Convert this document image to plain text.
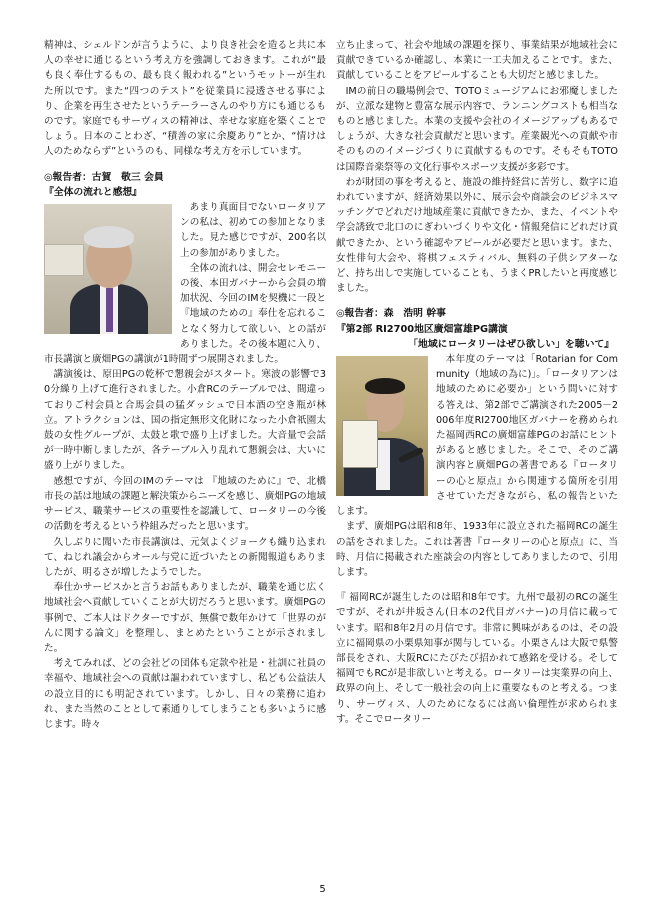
精神は、シェルドンが言うように、より良き社会を造ると共に本人の幸せに通じるという考え方を強調しておきます。これが“最も良く奉仕するもの、最も良く報われる”というモットーが生れた所以です。また“四つのテスト”を従業員に浸透させる事により、企業を再生させたというテーラーさんのやり方にも通じるものです。家庭でもサーヴィスの精神は、幸せな家庭を築くことでしょう。日本のことわざ、“積善の家に余慶あり”とか、“情けは人のためならず”というのも、同様な考え方を示しています。

◎報告者：古賀　敬三 会員
『全体の流れと感想』

あまり真面目でないロータリアンの私は、初めての参加となりました。見た感じですが、200名以上の参加がありました。

全体の流れは、開会セレモニーの後、本田ガバナーから会員の増加状況、今回のIMを契機に一段と『地域のための』奉仕を忘れることなく努力して欲しい、との話がありました。その後本題に入り、市長講演と廣畑PGの講演が1時間ずつ展開されました。

講演後は、原田PGの乾杯で懇親会がスタート。寒波の影響で30分繰り上げて進行されました。小倉RCのテーブルでは、間違っておりご村会員と合馬会員の猛ダッシュで日本酒の空き瓶が林立。アトラクションは、国の指定無形文化財になった小倉祇園太鼓の女性グループが、太鼓と歌で盛り上げました。大音量で会話が一時中断しましたが、各テーブル入り乱れて懇親会は、大いに盛り上がりました。

感想ですが、今回のIMのテーマは 『地域のために』で、北橋市長の話は地域の課題と解決策からニーズを感じ、廣畑PGの地域サービス、職業サービスの重要性を認識して、ロータリーの今後の活動を考えるという枠組みだったと思います。

久しぶりに聞いた市長講演は、元気よくジョークも織り込まれて、ねじれ議会からオール与党に近づいたとの新聞報道もありましたが、明るさが増したようでした。

奉仕かサービスかと言うお話もありましたが、職業を通じ広く地域社会へ貢献していくことが大切だろうと思います。廣畑PGの事例で、ご本人はドクターですが、無償で数年かけて「世界のがんに関する論文」を整理し、まとめたということが示されました。

考えてみれば、どの会社どの団体も定款や社是・社訓に社員の幸福や、地域社会への貢献は謳われていますし、私ども公益法人の設立目的にも明記されています。しかし、日々の業務に追われ、また当然のこととして素通りしてしまうことも多いように感じます。時々

立ち止まって、社会や地域の課題を探り、事業結果が地域社会に貢献できているか確認し、本業に一工夫加えることです。また、貢献していることをアピールすることも大切だと感じました。

IMの前日の職場例会で、TOTOミュージアムにお邪魔しましたが、立派な建物と豊富な展示内容で、ランニングコストも相当なものと感じました。本業の支援や会社のイメージアップもあるでしょうが、大きな社会貢献だと思います。産業観光への貢献や市そのもののイメージづくりに貢献するものです。そもそもTOTOは国際音楽祭等の文化行事やスポーツ支援が多彩です。

わが財団の事を考えると、施設の維持経営に苦労し、数字に追われていますが、経済効果以外に、展示会や商談会のビジネスマッチングでどれだけ地域産業に貢献できたか、また、イベントや学会誘致で北口のにぎわいづくりや文化・情報発信にどれだけ貢献できたか、という確認やアピールが必要だと思います。また、女性俳句大会や、将棋フェスティバル、無料の子供シアターなど、持ち出しで実施していることも、うまくPRしたいと再度感じました。

◎報告者：森　浩明 幹事
『第2部 RI2700地区廣畑富雄PG講演
「地域にロータリーはぜひ欲しい」を聴いて』

本年度のテーマは「Rotarian for Community（地域の為に)」。「ロータリアンは地域のために必要か」という問いに対する答えは、第2部でご講演された2005－2006年度RI2700地区ガバナーを務められた福岡西RCの廣畑富雄PGのお話にヒントがあると感じました。そこで、そのご講演内容と廣畑PGの著書である『ロータリーの心と原点』から関連する箇所を引用させていただきながら、私の報告といたします。

まず、廣畑PGは昭和8年、1933年に設立された福岡RCの誕生の話をされました。これは著書『ロータリーの心と原点』に、当時、月信に掲載された座談会の内容としてありましたので、引用します。

『 福岡RCが誕生したのは昭和8年です。九州で最初のRCの誕生ですが、それが井坂さん(日本の2代目ガバナー)の月信に載っています。昭和8年2月の月信です。非常に興味があるのは、その設立に福岡県の小栗県知事が関与している。小栗さんは大阪で県警部長をされ、大阪RCにたびたび招かれて感銘を受ける。そして福岡でもRCが是非欲しいと考える。ロータリーは実業界の向上、政界の向上、そして一般社会の向上に重要なものと考える。つまり、サーヴィス、人のためになるには高い倫理性が求められます。そこでロータリー

5
